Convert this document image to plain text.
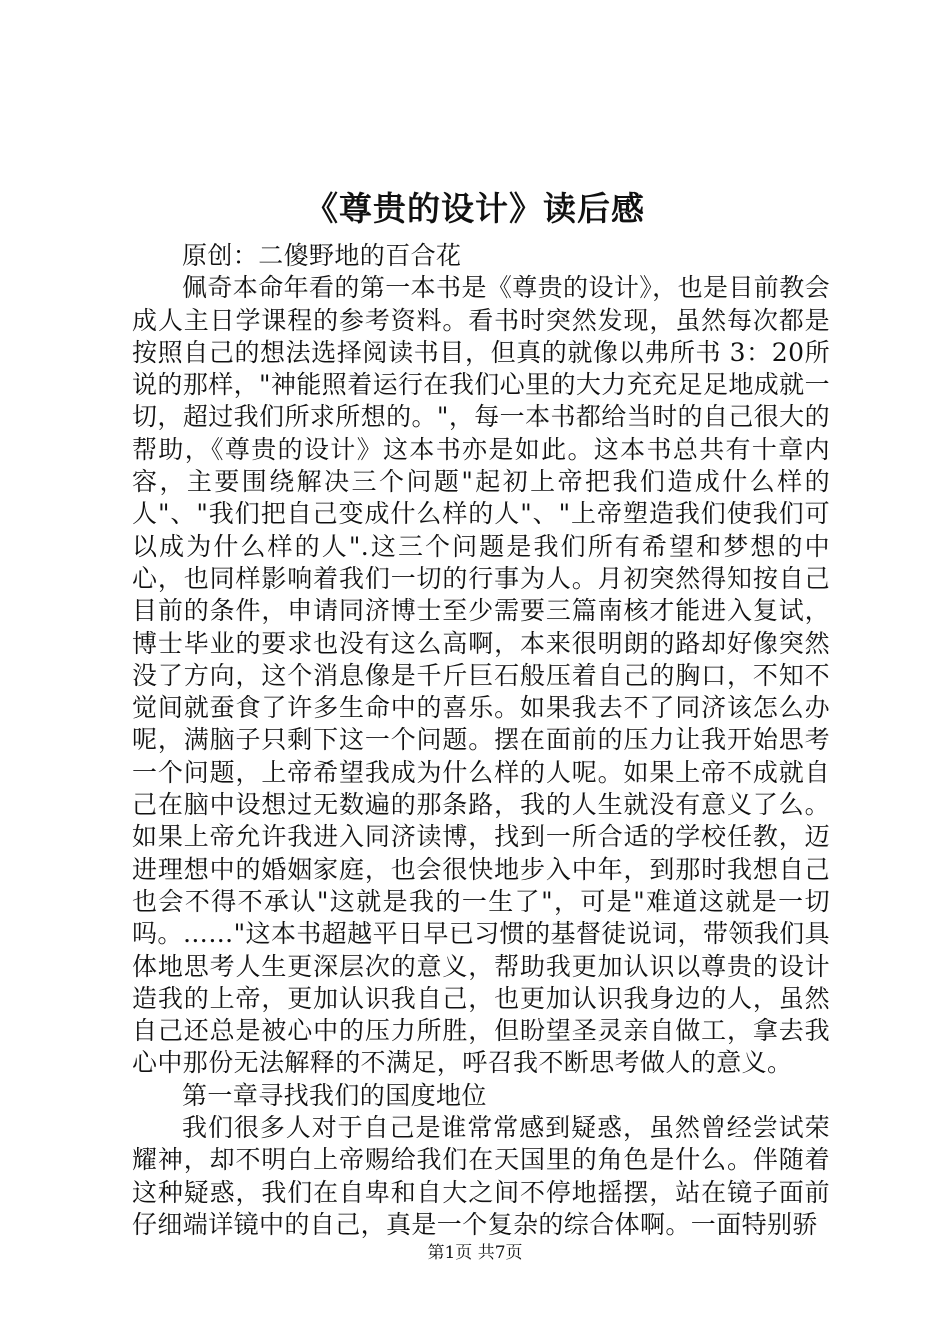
《尊贵的设计》读后感

原创：二傻野地的百合花

佩奇本命年看的第一本书是《尊贵的设计》，也是目前教会成人主日学课程的参考资料。看书时突然发现，虽然每次都是按照自己的想法选择阅读书目，但真的就像以弗所书 3：20所说的那样，"神能照着运行在我们心里的大力充充足足地成就一切，超过我们所求所想的。"，每一本书都给当时的自己很大的帮助，《尊贵的设计》这本书亦是如此。这本书总共有十章内容，主要围绕解决三个问题"起初上帝把我们造成什么样的人"、"我们把自己变成什么样的人"、"上帝塑造我们使我们可以成为什么样的人".这三个问题是我们所有希望和梦想的中心，也同样影响着我们一切的行事为人。月初突然得知按自己目前的条件，申请同济博士至少需要三篇南核才能进入复试，博士毕业的要求也没有这么高啊，本来很明朗的路却好像突然没了方向，这个消息像是千斤巨石般压着自己的胸口，不知不觉间就蚕食了许多生命中的喜乐。如果我去不了同济该怎么办呢，满脑子只剩下这一个问题。摆在面前的压力让我开始思考一个问题，上帝希望我成为什么样的人呢。如果上帝不成就自己在脑中设想过无数遍的那条路，我的人生就没有意义了么。如果上帝允许我进入同济读博，找到一所合适的学校任教，迈进理想中的婚姻家庭，也会很快地步入中年，到那时我想自己也会不得不承认"这就是我的一生了"，可是"难道这就是一切吗。……"这本书超越平日早已习惯的基督徒说词，带领我们具体地思考人生更深层次的意义，帮助我更加认识以尊贵的设计造我的上帝，更加认识我自己，也更加认识我身边的人，虽然自己还总是被心中的压力所胜，但盼望圣灵亲自做工，拿去我心中那份无法解释的不满足，呼召我不断思考做人的意义。

第一章寻找我们的国度地位

我们很多人对于自己是谁常常感到疑惑，虽然曾经尝试荣耀神，却不明白上帝赐给我们在天国里的角色是什么。伴随着这种疑惑，我们在自卑和自大之间不停地摇摆，站在镜子面前仔细端详镜中的自己，真是一个复杂的综合体啊。一面特别骄

第1页 共7页
